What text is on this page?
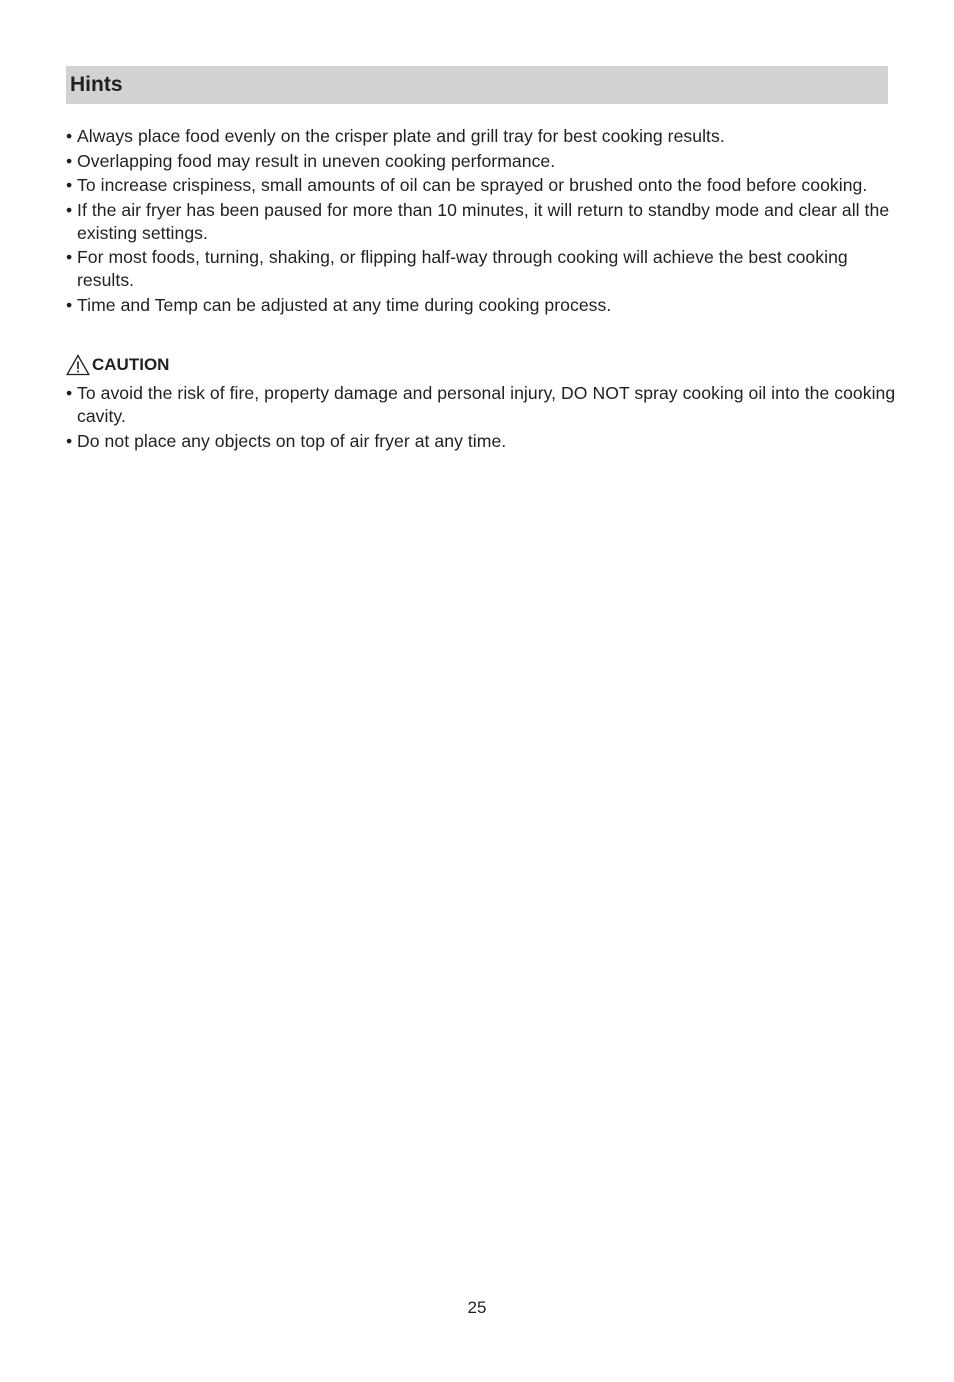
Hints
• Always place food evenly on the crisper plate and grill tray for best cooking results.
• Overlapping food may result in uneven cooking performance.
• To increase crispiness, small amounts of oil can be sprayed or brushed onto the food before cooking.
• If the air fryer has been paused for more than 10 minutes, it will return to standby mode and clear all the existing settings.
• For most foods, turning, shaking, or flipping half-way through cooking will achieve the best cooking results.
• Time and Temp can be adjusted at any time during cooking process.
CAUTION
• To avoid the risk of fire, property damage and personal injury, DO NOT spray cooking oil into the cooking cavity.
• Do not place any objects on top of air fryer at any time.
25
